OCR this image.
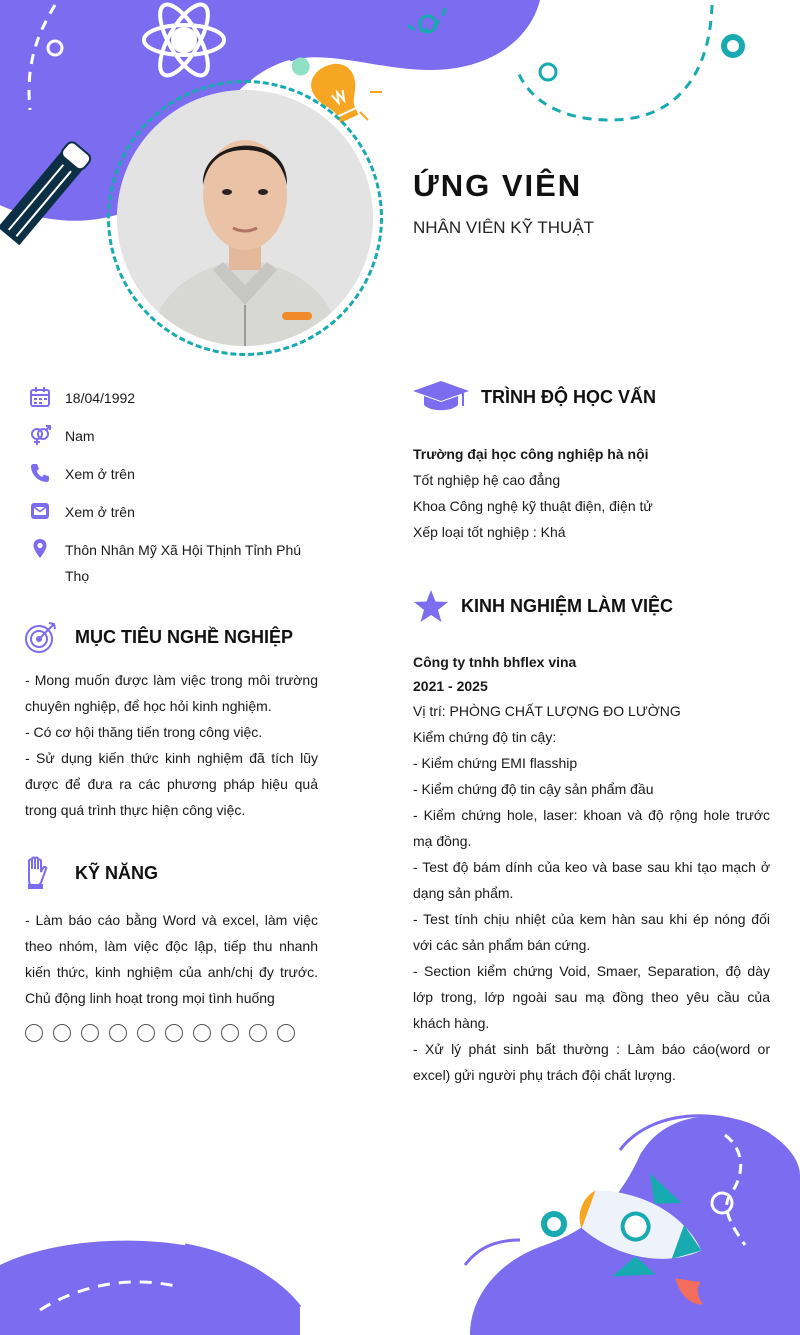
ỨNG VIÊN
NHÂN VIÊN KỸ THUẬT
18/04/1992
Nam
Xem ở trên
Xem ở trên
Thôn Nhân Mỹ Xã Hội Thịnh Tỉnh Phú Thọ
MỤC TIÊU NGHỀ NGHIỆP

- Mong muốn được làm việc trong môi trường chuyên nghiệp, để học hỏi kinh nghiệm.

- Có cơ hội thăng tiến trong công việc.

- Sử dụng kiến thức kinh nghiệm đã tích lũy được để đưa ra các phương pháp hiệu quả trong quá trình thực hiện công việc.

KỸ NĂNG

- Làm báo cáo bằng Word và excel, làm việc theo nhóm, làm việc độc lập, tiếp thu nhanh kiến thức, kinh nghiệm của anh/chị đy trước. Chủ động linh hoạt trong mọi tình huống

TRÌNH ĐỘ HỌC VẤN

Trường đại học công nghiệp hà nội

Tốt nghiệp hệ cao đẳng

Khoa Công nghệ kỹ thuật điện, điện tử

Xếp loại tốt nghiệp : Khá

KINH NGHIỆM LÀM VIỆC

Công ty tnhh bhflex vina

2021 - 2025

Vị trí: PHÒNG CHẤT LƯỢNG ĐO LƯỜNG

Kiểm chứng độ tin cậy:

- Kiểm chứng EMI flasship

- Kiểm chứng độ tin cậy sản phẩm đầu

- Kiểm chứng hole, laser: khoan và độ rộng hole trước mạ đồng.

- Test độ bám dính của keo và base sau khi tạo mạch ở dạng sản phẩm.

- Test tính chịu nhiệt của kem hàn sau khi ép nóng đối với các sản phẩm bán cứng.

- Section kiểm chứng Void, Smaer, Separation, độ dày lớp trong, lớp ngoài sau mạ đồng theo yêu cầu của khách hàng.

- Xử lý phát sinh bất thường : Làm báo cáo(word or excel) gửi người phụ trách đội chất lượng.
